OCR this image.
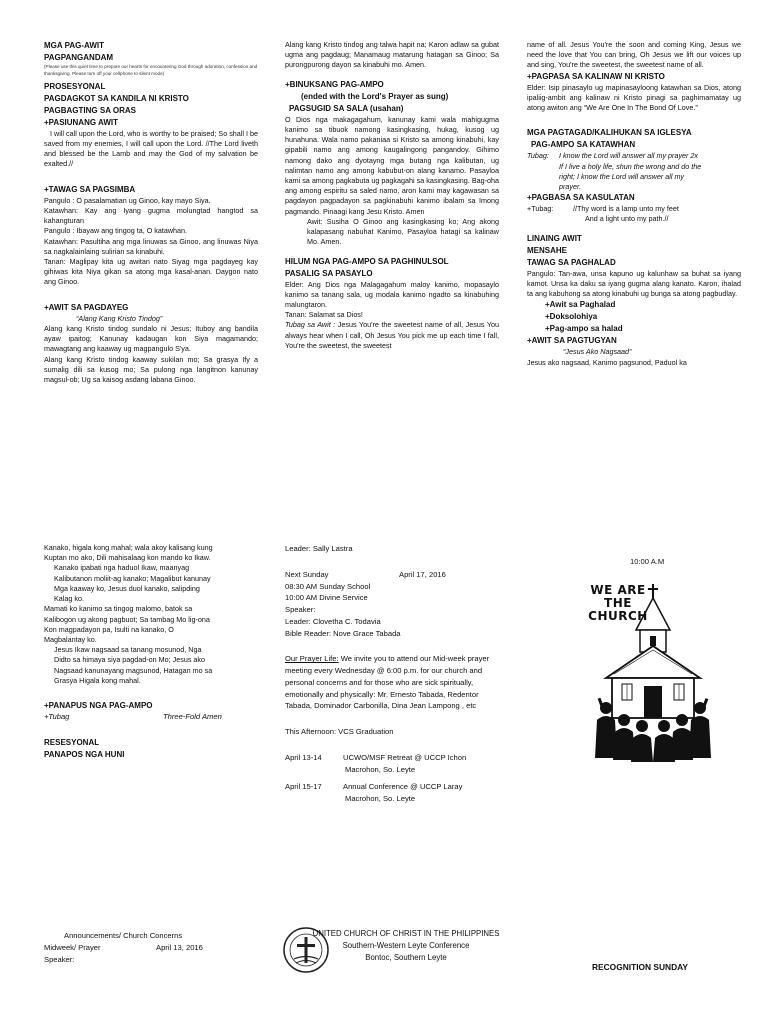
MGA PAG-AWIT

PAGPANGANDAM

(Please use this quiet time to prepare our hearts for encountering God through adoration, confession and thanksgiving. Please turn off your cellphone to silent mode)

PROSESYONAL

PAGDAGKOT SA KANDILA NI KRISTO

PAGBAGTING SA ORAS

+PASIUNANG AWIT

I will call upon the Lord, who is worthy to be praised; So shall I be saved from my enemies, I will call upon the Lord. //The Lord liveth and blessed be the Lamb and may the God of my salvation be exalted.//

+TAWAG SA PAGSIMBA

Pangulo : O pasalamatian ug Ginoo, kay mayo Siya.

Katawhan: Kay ang Iyang gugma molungtad hangtod sa kahangturan

Pangulo : Ibayaw ang tingog ta, O katawhan.

Katawhan: Pasultiha ang mga linuwas sa Ginoo, ang linuwas Niya sa nagkalainlaing sulirian sa kinabuhi.

Tanan: Maglipay kita ug awitan nato Siyag mga pagdayeg kay gihiwas kita Niya gikan sa atong mga kasal-anan. Daygon nato ang Ginoo.

+AWIT SA PAGDAYEG

“Alang Kang Kristo Tindog”

Alang kang Kristo tindog sundalo ni Jesus; Ituboy ang bandila ayaw ipaitog; Kanunay kadaugan kon Siya magamando; mawagtang ang kaaway ug magpangulo S'ya.

Alang kang Kristo tindog kaaway sukilan mo; Sa grasya Ify a sumalig dili sa kusog mo; Sa pulong nga langitnon kanunay magsul-ob; Ug sa kaisog asdang labana Ginoo.

Alang kang Kristo tindog ang talwa hapit na; Karon adlaw sa gubat ugma ang pagdaug; Manamaug matarung hatagan sa Ginoo; Sa purongpurong dayon sa kinabuhi mo. Amen.

+BINUKSANG PAG-AMPO

(ended with the Lord's Prayer as sung)

PAGSUGID SA SALA (usahan)

O Dios nga makagagahum, kanunay kami wala mahigugma kanimo sa tibuok namong kasingkasing, hukag, kusog ug hunahuna. Wala namo pakaniaa si Kristo sa among kinabuhi, kay gipabili namo ang among kaugalingong pangandoy. Gihimo namong dako ang dyotayng mga butang nga kalibutan, ug nalimtan namo ang among kabubut-on alang kanamo. Pasayloa kami sa among pagkabuta ug pagkagahi sa kasingkasing. Bag-oha ang among espiritu sa saled namo, aron kami may kagawasan sa pagdayon pagpadayon sa pagkinabuhi kanimo ibalam sa Imong pagmando. Pinaagi kang Jesu Kristo. Amen

Awit: Susiha O Ginoo ang kasingkasing ko; Ang akong kalapasang nabuhat Kanimo, Pasayloa hatagi sa kalinaw Mo. Amen.

HILUM NGA PAG-AMPO SA PAGHINULSOL

PASALIG SA PASAYLO

Elder: Ang Dios nga Malagagahum maloy kanimo, mopasaylo kanimo sa tanang sala, ug modala kanimo ngadto sa kinabuhing malungtaron.

Tanan: Salamat sa Dios!

Tubag sa Awit : Jesus You're the sweetest name of all, Jesus You always hear when I call, Oh Jesus You pick me up each time I fall, You're the sweetest, the sweetest

name of all. Jesus You're the soon and coming King, Jesus we need the love that You can bring, Oh Jesus we lift our voices up and sing, You're the sweetest, the sweetest name of all.

+PAGPASA SA KALINAW NI KRISTO

Elder: Isip pinasaylo ug mapinasayloong katawhan sa Dios, atong ipaliig-ambit ang kalinaw ni Kristo pinagi sa paghimamatay ug atong awiton ang “We Are One In The Bond Of Love.”

MGA PAGTAGAD/KALIHUKAN SA IGLESYA

PAG-AMPO SA KATAWHAN

Tubag:	I know the Lord will answer all my prayer 2x

If I live a holy life, shun the wrong and do the

right; I know the Lord will answer all my

prayer.

+PAGBASA SA KASULATAN

+Tubag:	//Thy word is a lamp unto my feet

And a light unto my path.//

LINAING AWIT

MENSAHE

TAWAG SA PAGHALAD

Pangulo: Tan-awa, unsa kapuno ug kalunhaw sa buhat sa iyang kamot. Unsa ka daku sa iyang gugma alang kanato. Karon, ihalad ta ang kabuhong sa atong kinabuhi ug bunga sa atong pagbudlay.

+Awit sa Paghalad

+Doksolohiya

+Pag-ampo sa halad

+AWIT SA PAGTUGYAN

“Jesus Ako Nagsaad”

Jesus ako nagsaad, Kanimo pagsunod, Paduol ka

Kanako, higala kong mahal; wala akoy kalisang kung

Kuptan mo ako, Dili mahisalaag kon mando ko Ikaw.

Kanako ipabati nga haduol Ikaw, maanyag

Kalibutanon moliit-ag kanako; Magalibut kanunay

Mga kaaway ko, Jesus duol kanako, salipding

Kalag ko.

Mamati ko kanimo sa tingog malomo, batok sa

Kalibogon ug akong pagbuot; Sa tambag Mo lig-ona

Kon magpadayon pa, Isulti na kanako, O

Magbalantay ko.

Jesus Ikaw nagsaad sa tanang mosunod, Nga

Didto sa himaya siya pagdad-on Mo; Jesus ako

Nagsaad kanunayang magsunod, Hatagan mo sa

Grasya Higala kong mahal.

+PANAPUS NGA PAG-AMPO

+Tubag	Three-Fold Amen

RESESYONAL

PANAPOS NGA HUNI

Announcements/ Church Concerns

Midweek/ Prayer	April 13, 2016

Speaker:

Leader: Sally Lastra

Next Sunday	April 17, 2016

08:30 AM Sunday School

10:00 AM Divine Service

Speaker:

Leader: Clovetha C. Todavia

Bible Reader: Nove Grace Tabada

Our Prayer Life: We invite you to attend our Mid-week prayer meeting every Wednesday @ 6:00 p.m. for our church and personal concerns and for those who are sick spiritually, emotionally and physically: Mr. Ernesto Tabada, Redentor Tabada, Dominador Carbonilla, Dina Jean Lampong , etc

This Afternoon: VCS Graduation

April 13-14	UCWO/MSF Retreat @ UCCP Ichon

Macrohon, So. Leyte

April 15-17	Annual Conference @ UCCP Laray

Macrohon, So. Leyte

UNITED CHURCH OF CHRIST IN THE PHILIPPINES

Southern-Western Leyte Conference

Bontoc, Southern Leyte

10:00 A.M

WE ARE
THE
CHURCH

RECOGNITION SUNDAY
